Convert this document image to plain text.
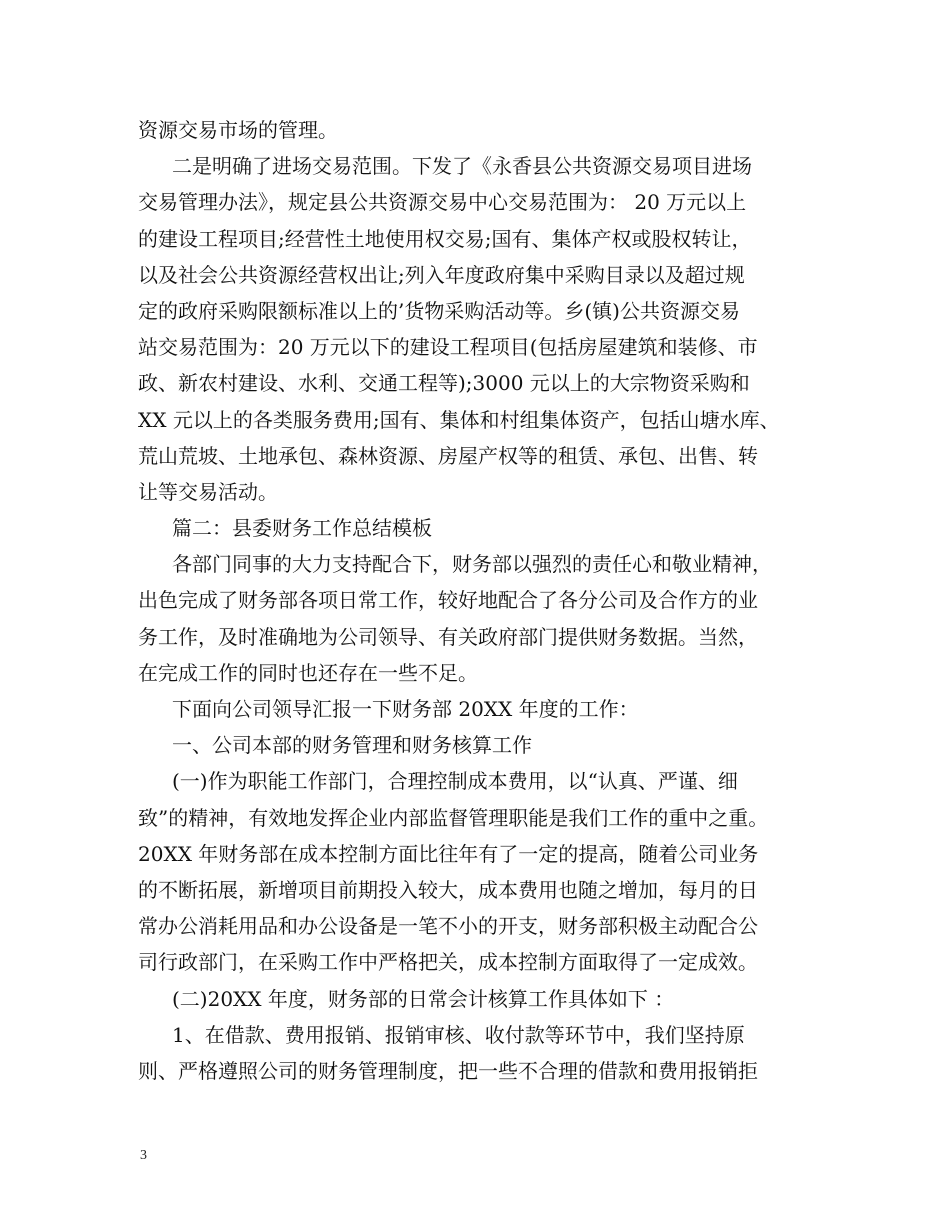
资源交易市场的管理。
二是明确了进场交易范围。下发了《永香县公共资源交易项目进场
交易管理办法》，规定县公共资源交易中心交易范围为： 20 万元以上
的建设工程项目;经营性土地使用权交易;国有、集体产权或股权转让，
以及社会公共资源经营权出让;列入年度政府集中采购目录以及超过规
定的政府采购限额标准以上的’货物采购活动等。乡(镇)公共资源交易
站交易范围为：20 万元以下的建设工程项目(包括房屋建筑和装修、市
政、新农村建设、水利、交通工程等);3000 元以上的大宗物资采购和
XX 元以上的各类服务费用;国有、集体和村组集体资产，包括山塘水库、
荒山荒坡、土地承包、森林资源、房屋产权等的租赁、承包、出售、转
让等交易活动。
篇二：县委财务工作总结模板
各部门同事的大力支持配合下，财务部以强烈的责任心和敬业精神，
出色完成了财务部各项日常工作，较好地配合了各分公司及合作方的业
务工作，及时准确地为公司领导、有关政府部门提供财务数据。当然，
在完成工作的同时也还存在一些不足。
下面向公司领导汇报一下财务部 20XX 年度的工作：
一、公司本部的财务管理和财务核算工作
(一)作为职能工作部门，合理控制成本费用，以“认真、严谨、细
致”的精神，有效地发挥企业内部监督管理职能是我们工作的重中之重。
20XX 年财务部在成本控制方面比往年有了一定的提高，随着公司业务
的不断拓展，新增项目前期投入较大，成本费用也随之增加，每月的日
常办公消耗用品和办公设备是一笔不小的开支，财务部积极主动配合公
司行政部门，在采购工作中严格把关，成本控制方面取得了一定成效。
(二)20XX 年度，财务部的日常会计核算工作具体如下 ：
1、在借款、费用报销、报销审核、收付款等环节中，我们坚持原
则、严格遵照公司的财务管理制度，把一些不合理的借款和费用报销拒
3
